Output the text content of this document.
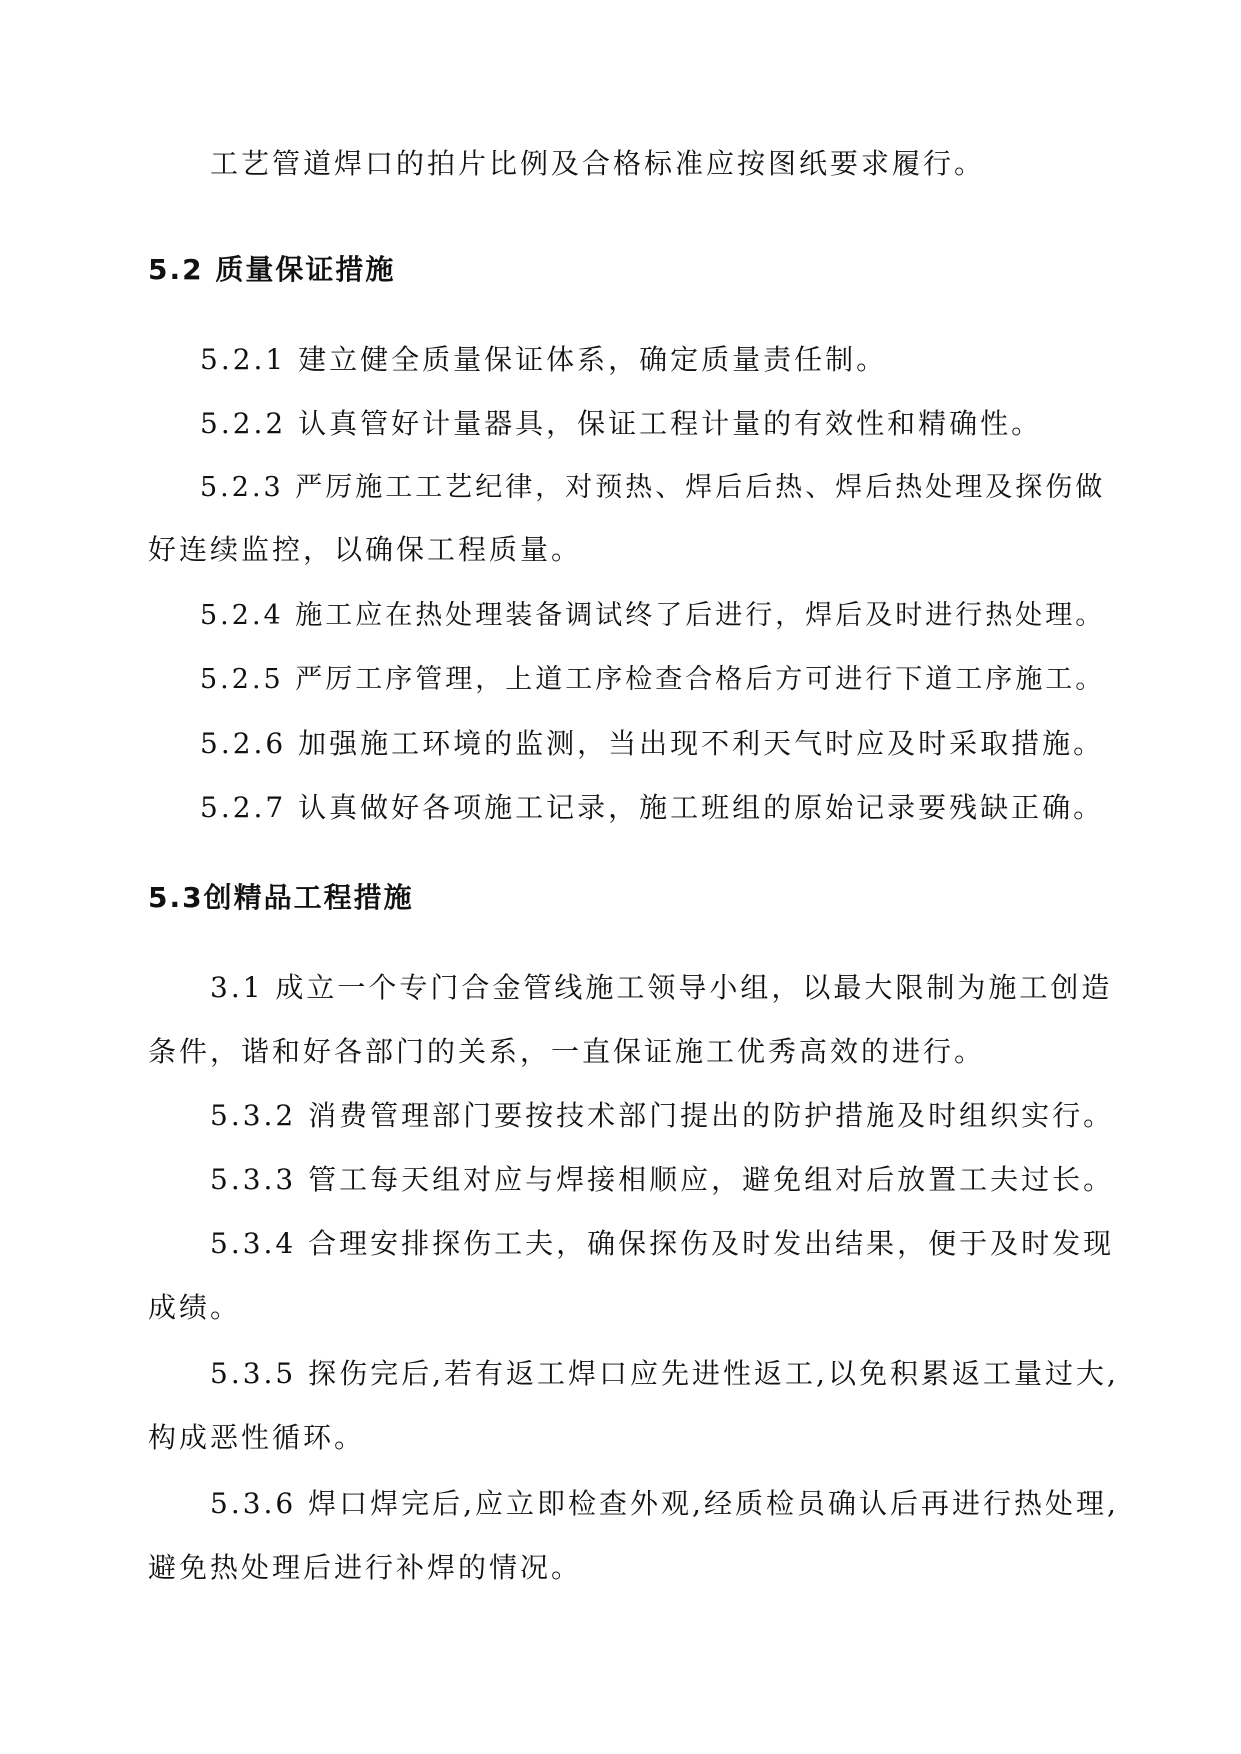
工艺管道焊口的拍片比例及合格标准应按图纸要求履行。
5.2 质量保证措施
5.2.1 建立健全质量保证体系，确定质量责任制。
5.2.2 认真管好计量器具，保证工程计量的有效性和精确性。
5.2.3 严厉施工工艺纪律，对预热、焊后后热、焊后热处理及探伤做
好连续监控，以确保工程质量。
5.2.4 施工应在热处理装备调试终了后进行，焊后及时进行热处理。
5.2.5 严厉工序管理，上道工序检查合格后方可进行下道工序施工。
5.2.6 加强施工环境的监测，当出现不利天气时应及时采取措施。
5.2.7 认真做好各项施工记录，施工班组的原始记录要残缺正确。
5.3创精品工程措施
3.1 成立一个专门合金管线施工领导小组，以最大限制为施工创造
条件，谐和好各部门的关系，一直保证施工优秀高效的进行。
5.3.2 消费管理部门要按技术部门提出的防护措施及时组织实行。
5.3.3 管工每天组对应与焊接相顺应，避免组对后放置工夫过长。
5.3.4 合理安排探伤工夫，确保探伤及时发出结果，便于及时发现
成绩。
5.3.5 探伤完后,若有返工焊口应先进性返工,以免积累返工量过大,
构成恶性循环。
5.3.6 焊口焊完后,应立即检查外观,经质检员确认后再进行热处理,
避免热处理后进行补焊的情况。
